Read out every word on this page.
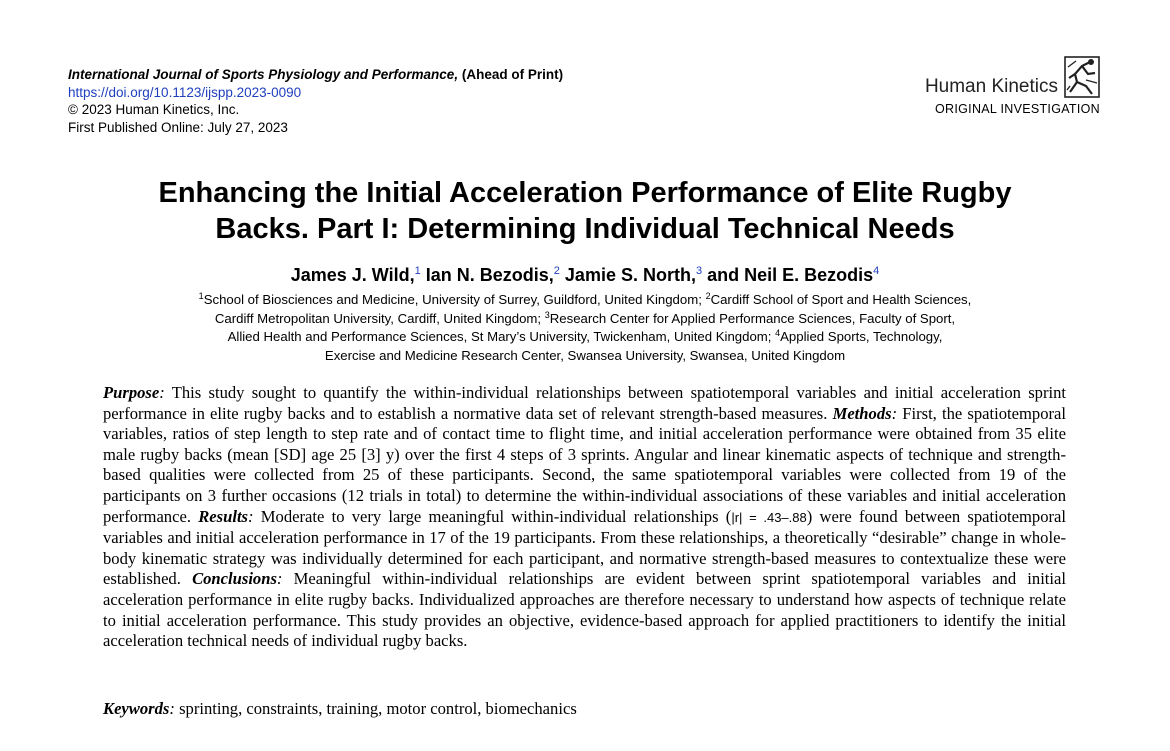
International Journal of Sports Physiology and Performance, (Ahead of Print)
https://doi.org/10.1123/ijspp.2023-0090
© 2023 Human Kinetics, Inc.
First Published Online: July 27, 2023
Human Kinetics
ORIGINAL INVESTIGATION
Enhancing the Initial Acceleration Performance of Elite Rugby
Backs. Part I: Determining Individual Technical Needs
James J. Wild,$^1$ Ian N. Bezodis,$^2$ Jamie S. North,$^3$ and Neil E. Bezodis$^4$
$^1$School of Biosciences and Medicine, University of Surrey, Guildford, United Kingdom; $^2$Cardiff School of Sport and Health Sciences,
Cardiff Metropolitan University, Cardiff, United Kingdom; $^3$Research Center for Applied Performance Sciences, Faculty of Sport,
Allied Health and Performance Sciences, St Mary’s University, Twickenham, United Kingdom; $^4$Applied Sports, Technology,
Exercise and Medicine Research Center, Swansea University, Swansea, United Kingdom
Purpose: This study sought to quantify the within-individual relationships between spatiotemporal variables and initial acceleration sprint performance in elite rugby backs and to establish a normative data set of relevant strength-based measures. Methods: First, the spatiotemporal variables, ratios of step length to step rate and of contact time to flight time, and initial acceleration performance were obtained from 35 elite male rugby backs (mean [SD] age 25 [3] y) over the first 4 steps of 3 sprints. Angular and linear kinematic aspects of technique and strength-based qualities were collected from 25 of these participants. Second, the same spatiotemporal variables were collected from 19 of the participants on 3 further occasions (12 trials in total) to determine the within-individual associations of these variables and initial acceleration performance. Results: Moderate to very large meaningful within-individual relationships (|r| = .43–.88) were found between spatiotemporal variables and initial acceleration performance in 17 of the 19 participants. From these relationships, a theoretically “desirable” change in whole-body kinematic strategy was individually determined for each participant, and normative strength-based measures to contextualize these were established. Conclusions: Meaningful within-individual relationships are evident between sprint spatiotemporal variables and initial acceleration performance in elite rugby backs. Individualized approaches are therefore necessary to understand how aspects of technique relate to initial acceleration performance. This study provides an objective, evidence-based approach for applied practitioners to identify the initial acceleration technical needs of individual rugby backs.
Keywords: sprinting, constraints, training, motor control, biomechanics
